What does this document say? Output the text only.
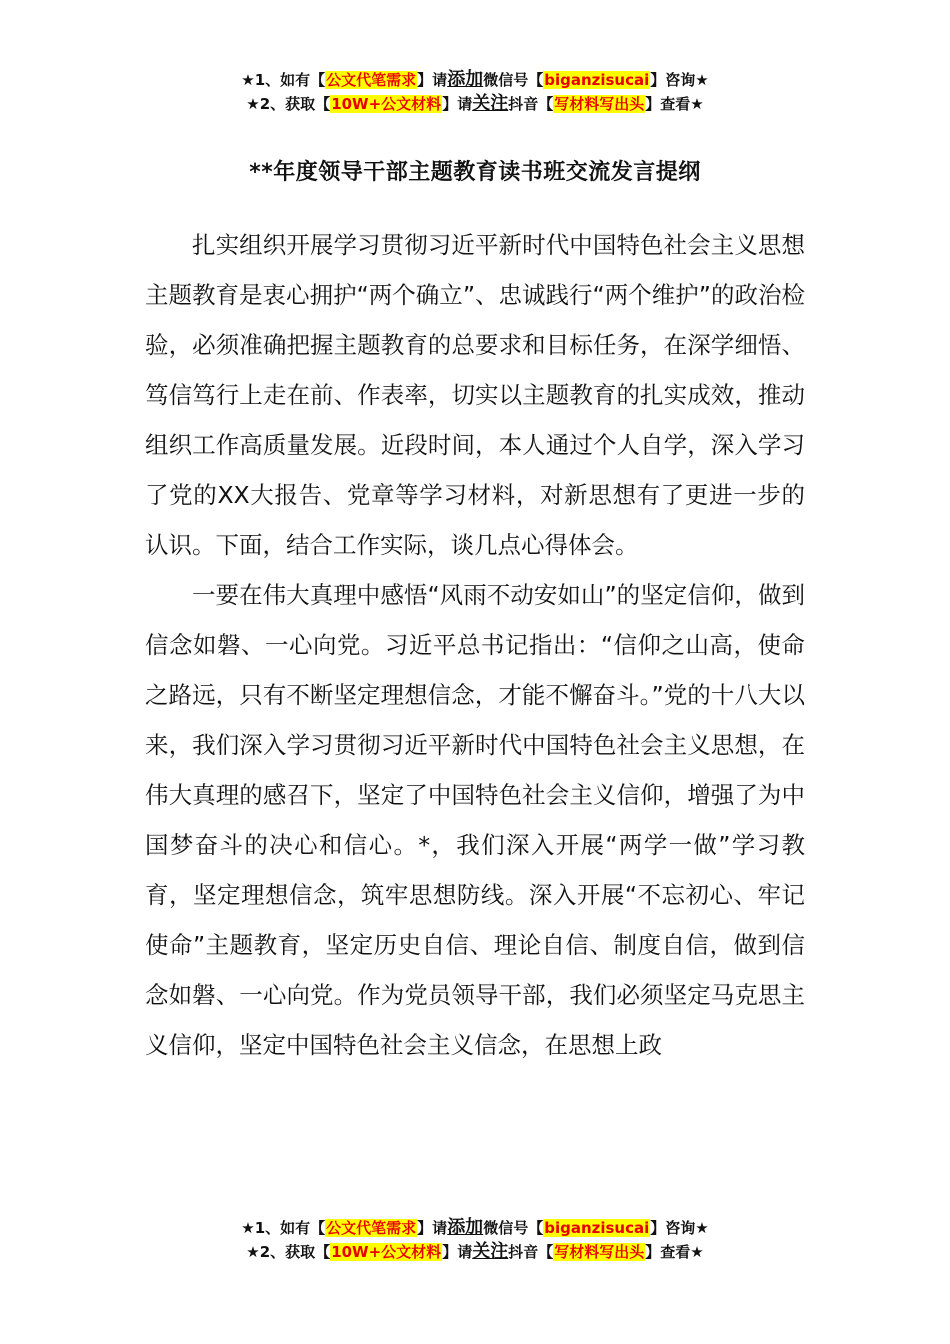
★1、如有【公文代笔需求】请添加微信号【biganzisucai】咨询★
★2、获取【10W+公文材料】请关注抖音【写材料写出头】查看★
**年度领导干部主题教育读书班交流发言提纲

扎实组织开展学习贯彻习近平新时代中国特色社会主义思想主题教育是衷心拥护“两个确立”、忠诚践行“两个维护”的政治检验，必须准确把握主题教育的总要求和目标任务，在深学细悟、笃信笃行上走在前、作表率，切实以主题教育的扎实成效，推动组织工作高质量发展。近段时间，本人通过个人自学，深入学习了党的XX大报告、党章等学习材料，对新思想有了更进一步的认识。下面，结合工作实际，谈几点心得体会。

一要在伟大真理中感悟“风雨不动安如山”的坚定信仰，做到信念如磐、一心向党。习近平总书记指出：“信仰之山高，使命之路远，只有不断坚定理想信念，才能不懈奋斗。”党的十八大以来，我们深入学习贯彻习近平新时代中国特色社会主义思想，在伟大真理的感召下，坚定了中国特色社会主义信仰，增强了为中国梦奋斗的决心和信心。*，我们深入开展“两学一做”学习教育，坚定理想信念，筑牢思想防线。深入开展“不忘初心、牢记使命”主题教育，坚定历史自信、理论自信、制度自信，做到信念如磐、一心向党。作为党员领导干部，我们必须坚定马克思主义信仰，坚定中国特色社会主义信念，在思想上政

★1、如有【公文代笔需求】请添加微信号【biganzisucai】咨询★
★2、获取【10W+公文材料】请关注抖音【写材料写出头】查看★
